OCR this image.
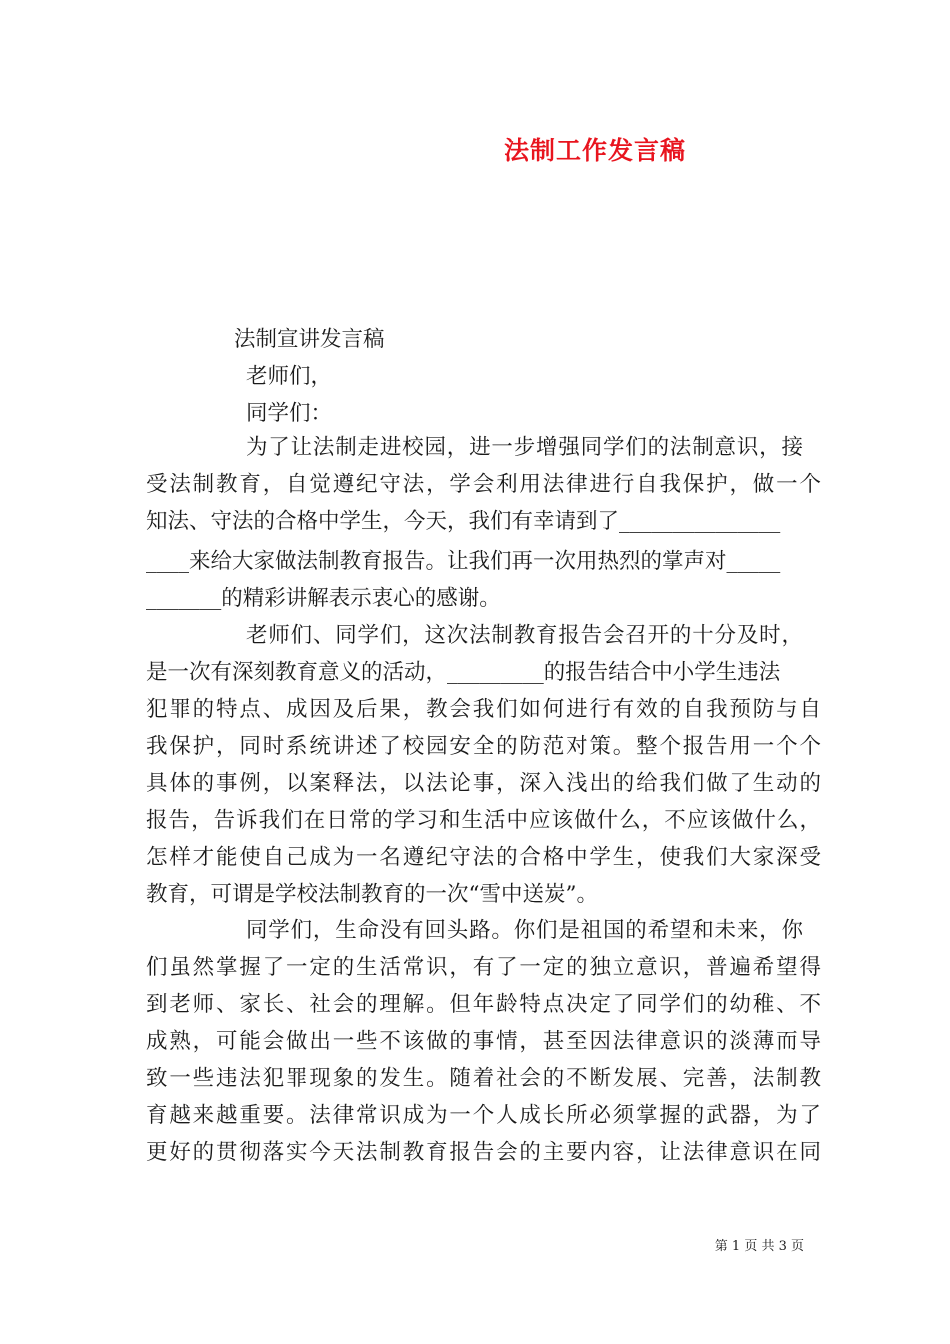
法制工作发言稿
法制宣讲发言稿
老师们，
同学们：
为了让法制走进校园，进一步增强同学们的法制意识，接
受法制教育，自觉遵纪守法，学会利用法律进行自我保护，做一个
知法、守法的合格中学生，今天，我们有幸请到了_______________
____来给大家做法制教育报告。让我们再一次用热烈的掌声对_____
_______的精彩讲解表示衷心的感谢。
老师们、同学们，这次法制教育报告会召开的十分及时，
是一次有深刻教育意义的活动，_________的报告结合中小学生违法
犯罪的特点、成因及后果，教会我们如何进行有效的自我预防与自
我保护，同时系统讲述了校园安全的防范对策。整个报告用一个个
具体的事例，以案释法，以法论事，深入浅出的给我们做了生动的
报告，告诉我们在日常的学习和生活中应该做什么，不应该做什么，
怎样才能使自己成为一名遵纪守法的合格中学生，使我们大家深受
教育，可谓是学校法制教育的一次“雪中送炭”。
同学们，生命没有回头路。你们是祖国的希望和未来，你
们虽然掌握了一定的生活常识，有了一定的独立意识，普遍希望得
到老师、家长、社会的理解。但年龄特点决定了同学们的幼稚、不
成熟，可能会做出一些不该做的事情，甚至因法律意识的淡薄而导
致一些违法犯罪现象的发生。随着社会的不断发展、完善，法制教
育越来越重要。法律常识成为一个人成长所必须掌握的武器，为了
更好的贯彻落实今天法制教育报告会的主要内容，让法律意识在同
第 1 页 共 3 页
